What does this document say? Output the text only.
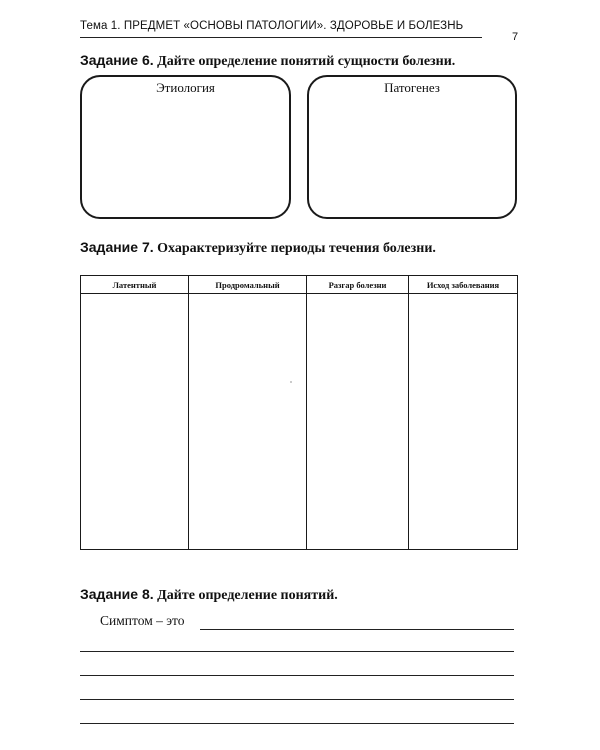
Тема 1. ПРЕДМЕТ «ОСНОВЫ ПАТОЛОГИИ». ЗДОРОВЬЕ И БОЛЕЗНЬ
7
Задание 6. Дайте определение понятий сущности болезни.
Этиология	Патогенез
Задание 7. Охарактеризуйте периоды течения болезни.
Латентный	Продромальный	Разгар болезни	Исход заболевания

Задание 8. Дайте определение понятий.
Симптом – это
